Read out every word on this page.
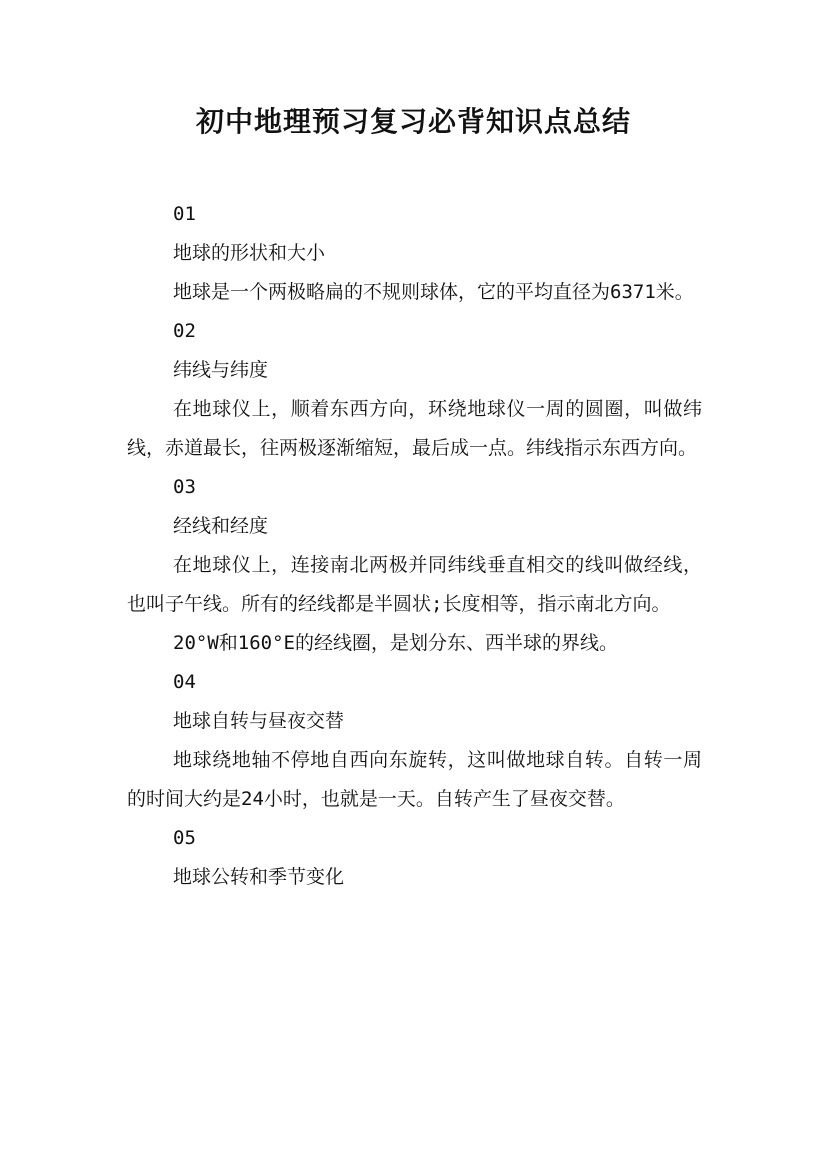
初中地理预习复习必背知识点总结

01

地球的形状和大小

地球是一个两极略扁的不规则球体，它的平均直径为6371米。

02

纬线与纬度

在地球仪上，顺着东西方向，环绕地球仪一周的圆圈，叫做纬线，赤道最长，往两极逐渐缩短，最后成一点。纬线指示东西方向。

03

经线和经度

在地球仪上，连接南北两极并同纬线垂直相交的线叫做经线，也叫子午线。所有的经线都是半圆状;长度相等，指示南北方向。

20°W和160°E的经线圈，是划分东、西半球的界线。

04

地球自转与昼夜交替

地球绕地轴不停地自西向东旋转，这叫做地球自转。自转一周的时间大约是24小时，也就是一天。自转产生了昼夜交替。

05

地球公转和季节变化
